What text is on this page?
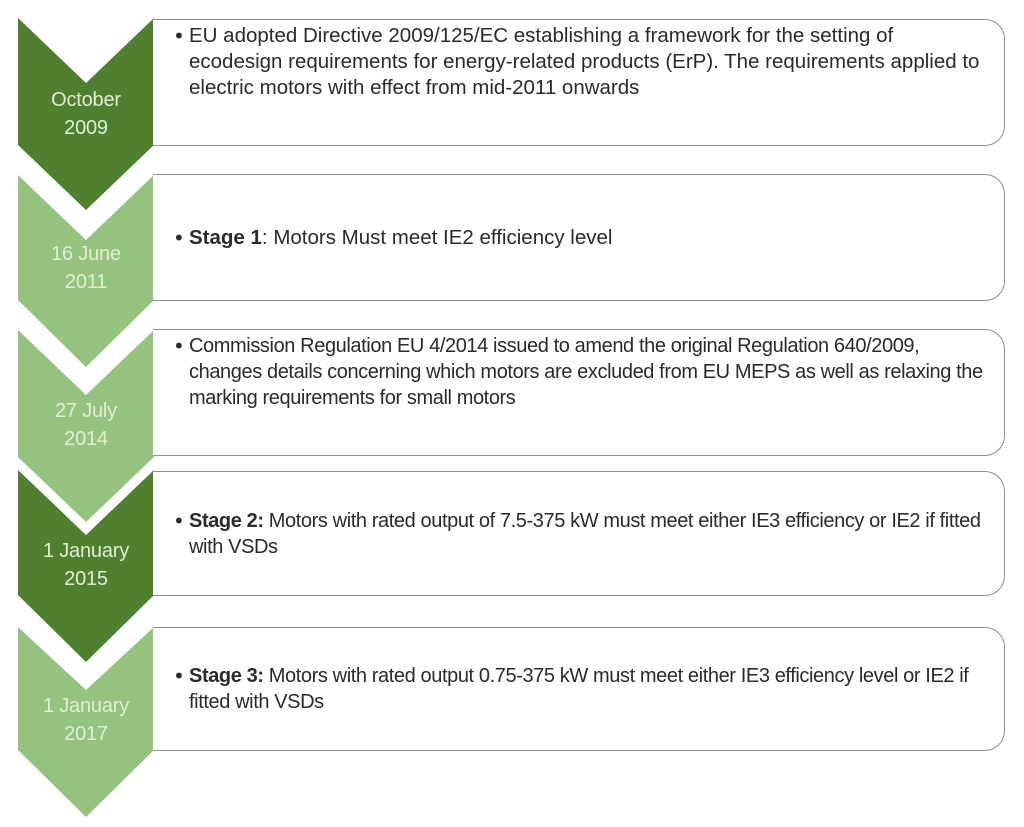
October
2009
16 June
2011
27 July
2014
1 January
2015
1 January
2017
• EU adopted Directive 2009/125/EC establishing a framework for the setting of ecodesign requirements for energy-related products (ErP). The requirements applied to electric motors with effect from mid-2011 onwards
• Stage 1: Motors Must meet IE2 efficiency level
• Commission Regulation EU 4/2014 issued to amend the original Regulation 640/2009, changes details concerning which motors are excluded from EU MEPS as well as relaxing the marking requirements for small motors
• Stage 2: Motors with rated output of 7.5-375 kW must meet either IE3 efficiency or IE2 if fitted with VSDs
• Stage 3: Motors with rated output 0.75-375 kW must meet either IE3 efficiency level or IE2 if fitted with VSDs
